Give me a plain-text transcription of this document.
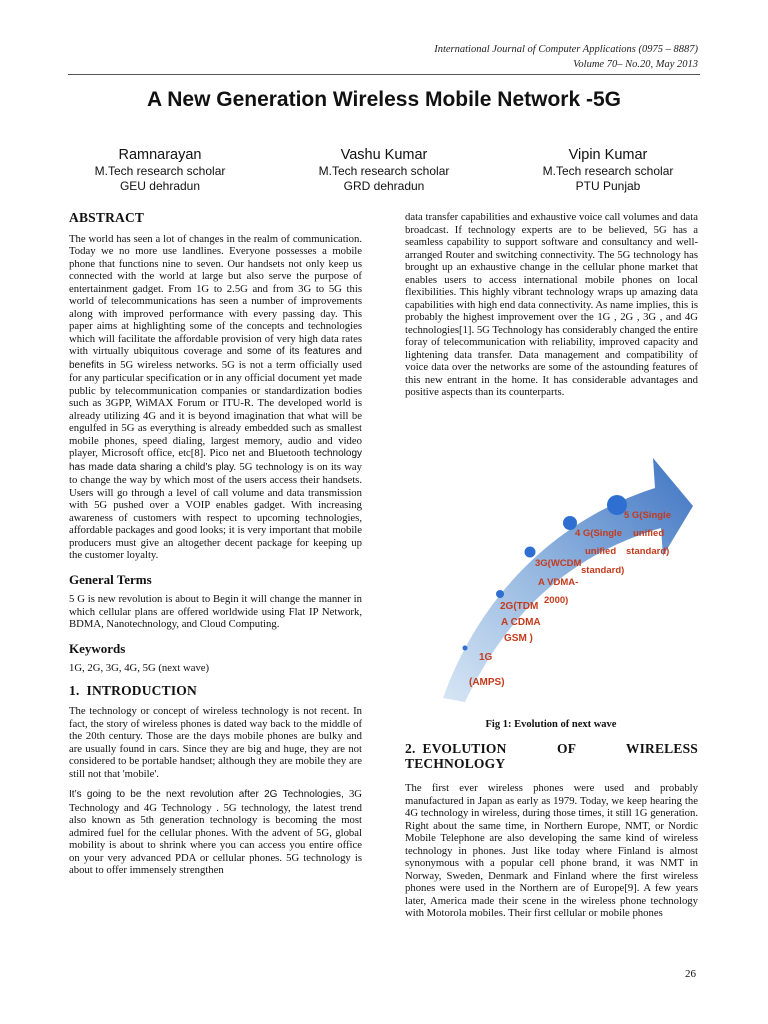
International Journal of Computer Applications (0975 – 8887)
Volume 70– No.20, May 2013
A New Generation Wireless Mobile Network -5G
Ramnarayan
M.Tech research scholar
GEU dehradun
Vashu Kumar
M.Tech research scholar
GRD dehradun
Vipin Kumar
M.Tech research scholar
PTU Punjab
ABSTRACT

The world has seen a lot of changes in the realm of communication. Today we no more use landlines. Everyone possesses a mobile phone that functions nine to seven. Our handsets not only keep us connected with the world at large but also serve the purpose of entertainment gadget. From 1G to 2.5G and from 3G to 5G this world of telecommunications has seen a number of improvements along with improved performance with every passing day. This paper aims at highlighting some of the concepts and technologies which will facilitate the affordable provision of very high data rates with virtually ubiquitous coverage and some of its features and benefits in 5G wireless networks. 5G is not a term officially used for any particular specification or in any official document yet made public by telecommunication companies or standardization bodies such as 3GPP, WiMAX Forum or ITU-R. The developed world is already utilizing 4G and it is beyond imagination that what will be engulfed in 5G as everything is already embedded such as smallest mobile phones, speed dialing, largest memory, audio and video player, Microsoft office, etc[8]. Pico net and Bluetooth technology has made data sharing a child’s play. 5G technology is on its way to change the way by which most of the users access their handsets. Users will go through a level of call volume and data transmission with 5G pushed over a VOIP enables gadget. With increasing awareness of customers with respect to upcoming technologies, affordable packages and good looks; it is very important that mobile producers must give an altogether decent package for keeping up the customer loyalty.

General Terms

5 G is new revolution is about to Begin it will change the manner in which cellular plans are offered worldwide using Flat IP Network, BDMA, Nanotechnology, and Cloud Computing.

Keywords

1G, 2G, 3G, 4G, 5G (next wave)

1. INTRODUCTION

The technology or concept of wireless technology is not recent. In fact, the story of wireless phones is dated way back to the middle of the 20th century. Those are the days mobile phones are bulky and are usually found in cars. Since they are big and huge, they are not considered to be portable handset; although they are mobile they are still not that 'mobile'.

It’s going to be the next revolution after 2G Technologies, 3G Technology and 4G Technology . 5G technology, the latest trend also known as 5th generation technology is becoming the most admired fuel for the cellular phones. With the advent of 5G, global mobility is about to shrink where you can access you entire office on your very advanced PDA or cellular phones. 5G technology is about to offer immensely strengthen

data transfer capabilities and exhaustive voice call volumes and data broadcast. If technology experts are to be believed, 5G has a seamless capability to support software and consultancy and well-arranged Router and switching connectivity. The 5G technology has brought up an exhaustive change in the cellular phone market that enables users to access international mobile phones on local flexibilities. This highly vibrant technology wraps up amazing data capabilities with high end data connectivity. As name implies, this is probably the highest improvement over the 1G , 2G , 3G , and 4G technologies[1]. 5G Technology has considerably changed the entire foray of telecommunication with reliability, improved capacity and lightening data transfer. Data management and compatibility of voice data over the networks are some of the astounding features of this new entrant in the home. It has considerable advantages and positive aspects than its counterparts.

1G
(AMPS)
2G(TDM
A CDMA
GSM )
3G(WCDM
A VDMA-
2000)
4 G(Single
unified
standard)
5 G(Single
unified
standard)
Fig 1: Evolution of next wave
2. EVOLUTION OF WIRELESS TECHNOLOGY

The first ever wireless phones were used and probably manufactured in Japan as early as 1979. Today, we keep hearing the 4G technology in wireless, during those times, it still 1G generation. Right about the same time, in Northern Europe, NMT, or Nordic Mobile Telephone are also developing the same kind of wireless technology in phones. Just like today where Finland is almost synonymous with a popular cell phone brand, it was NMT in Norway, Sweden, Denmark and Finland where the first wireless phones were used in the Northern are of Europe[9]. A few years later, America made their scene in the wireless phone technology with Motorola mobiles. Their first cellular or mobile phones

26
